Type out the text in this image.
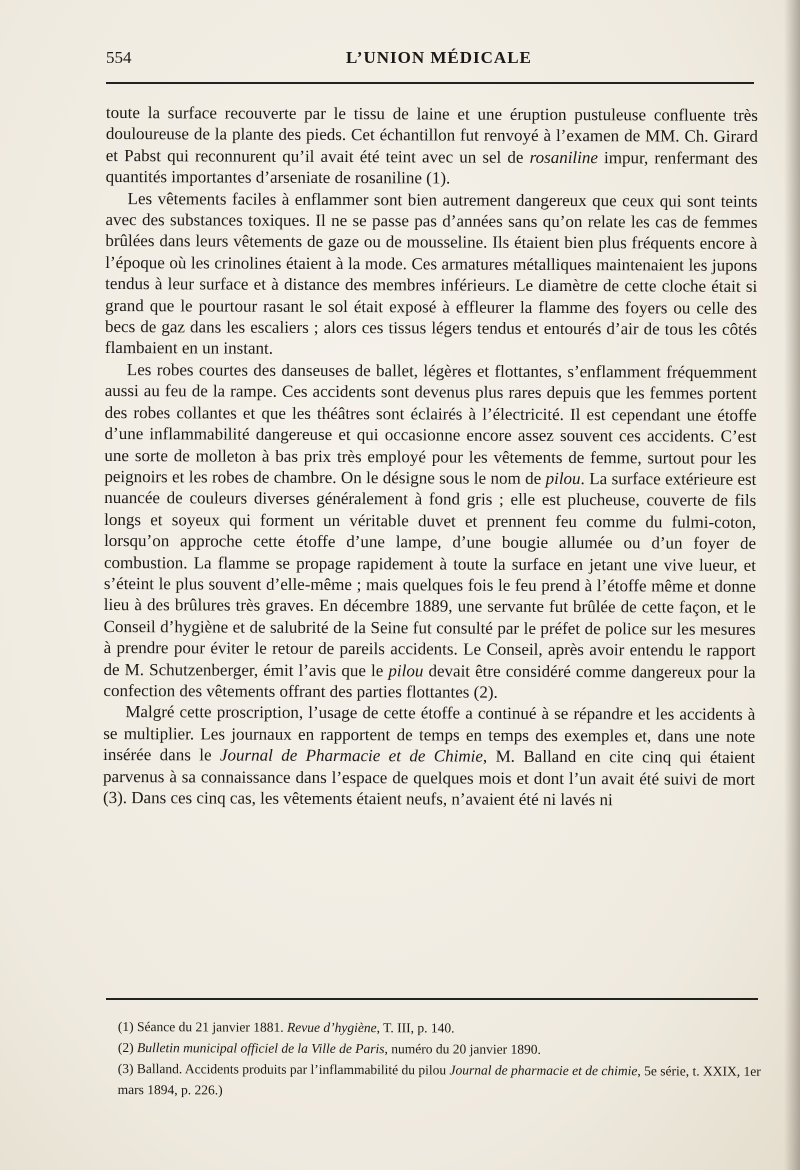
554	L’UNION MÉDICALE

toute la surface recouverte par le tissu de laine et une éruption pustuleuse confluente très douloureuse de la plante des pieds. Cet échantillon fut renvoyé à l’examen de MM. Ch. Girard et Pabst qui reconnurent qu’il avait été teint avec un sel de rosaniline impur, renfermant des quantités importantes d’arseniate de rosaniline (1).

Les vêtements faciles à enflammer sont bien autrement dangereux que ceux qui sont teints avec des substances toxiques. Il ne se passe pas d’années sans qu’on relate les cas de femmes brûlées dans leurs vêtements de gaze ou de mousseline. Ils étaient bien plus fréquents encore à l’époque où les crinolines étaient à la mode. Ces armatures métalliques maintenaient les jupons tendus à leur surface et à distance des membres inférieurs. Le diamètre de cette cloche était si grand que le pourtour rasant le sol était exposé à effleurer la flamme des foyers ou celle des becs de gaz dans les escaliers ; alors ces tissus légers tendus et entourés d’air de tous les côtés flambaient en un instant.

Les robes courtes des danseuses de ballet, légères et flottantes, s’enflamment fréquemment aussi au feu de la rampe. Ces accidents sont devenus plus rares depuis que les femmes portent des robes collantes et que les théâtres sont éclairés à l’électricité. Il est cependant une étoffe d’une inflammabilité dangereuse et qui occasionne encore assez souvent ces accidents. C’est une sorte de molleton à bas prix très employé pour les vêtements de femme, surtout pour les peignoirs et les robes de chambre. On le désigne sous le nom de pilou. La surface extérieure est nuancée de couleurs diverses généralement à fond gris ; elle est plucheuse, couverte de fils longs et soyeux qui forment un véritable duvet et prennent feu comme du fulmi-coton, lorsqu’on approche cette étoffe d’une lampe, d’une bougie allumée ou d’un foyer de combustion. La flamme se propage rapidement à toute la surface en jetant une vive lueur, et s’éteint le plus souvent d’elle-même ; mais quelques fois le feu prend à l’étoffe même et donne lieu à des brûlures très graves. En décembre 1889, une servante fut brûlée de cette façon, et le Conseil d’hygiène et de salubrité de la Seine fut consulté par le préfet de police sur les mesures à prendre pour éviter le retour de pareils accidents. Le Conseil, après avoir entendu le rapport de M. Schutzenberger, émit l’avis que le pilou devait être considéré comme dangereux pour la confection des vêtements offrant des parties flottantes (2).

Malgré cette proscription, l’usage de cette étoffe a continué à se répandre et les accidents à se multiplier. Les journaux en rapportent de temps en temps des exemples et, dans une note insérée dans le Journal de Pharmacie et de Chimie, M. Balland en cite cinq qui étaient parvenus à sa connaissance dans l’espace de quelques mois et dont l’un avait été suivi de mort (3). Dans ces cinq cas, les vêtements étaient neufs, n’avaient été ni lavés ni

(1) Séance du 21 janvier 1881. Revue d’hygiène, T. III, p. 140.

(2) Bulletin municipal officiel de la Ville de Paris, numéro du 20 janvier 1890.

(3) Balland. Accidents produits par l’inflammabilité du pilou Journal de pharmacie et de chimie, 5e série, t. XXIX, 1er mars 1894, p. 226.)
